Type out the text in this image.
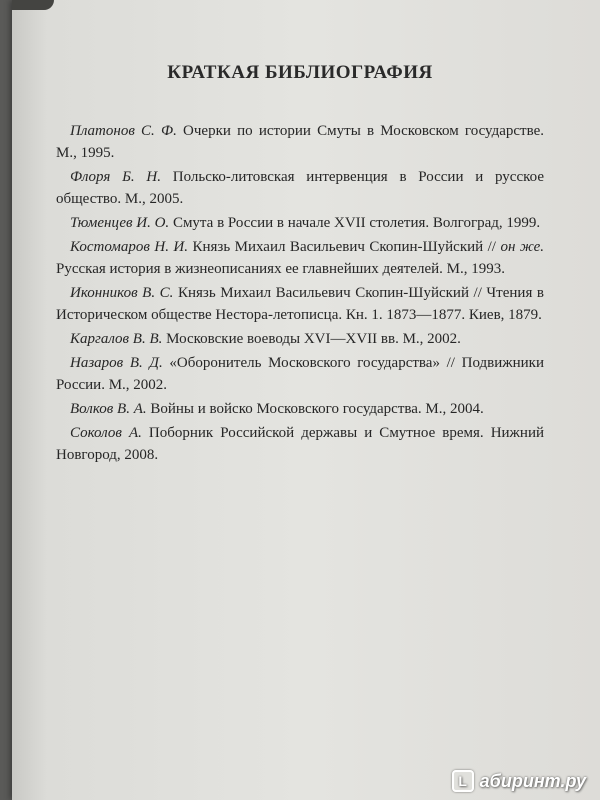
КРАТКАЯ БИБЛИОГРАФИЯ

Платонов С. Ф. Очерки по истории Смуты в Московском государстве. М., 1995.

Флоря Б. Н. Польско-литовская интервенция в России и русское общество. М., 2005.

Тюменцев И. О. Смута в России в начале XVII столетия. Волгоград, 1999.

Костомаров Н. И. Князь Михаил Васильевич Скопин-Шуйский // он же. Русская история в жизнеописаниях ее главнейших деятелей. М., 1993.

Иконников В. С. Князь Михаил Васильевич Скопин-Шуйский // Чтения в Историческом обществе Нестора-летописца. Кн. 1. 1873—1877. Киев, 1879.

Каргалов В. В. Московские воеводы XVI—XVII вв. М., 2002.

Назаров В. Д. «Оборонитель Московского государства» // Подвижники России. М., 2002.

Волков В. А. Войны и войско Московского государства. М., 2004.

Соколов А. Поборник Российской державы и Смутное время. Нижний Новгород, 2008.

L абиринт.ру
